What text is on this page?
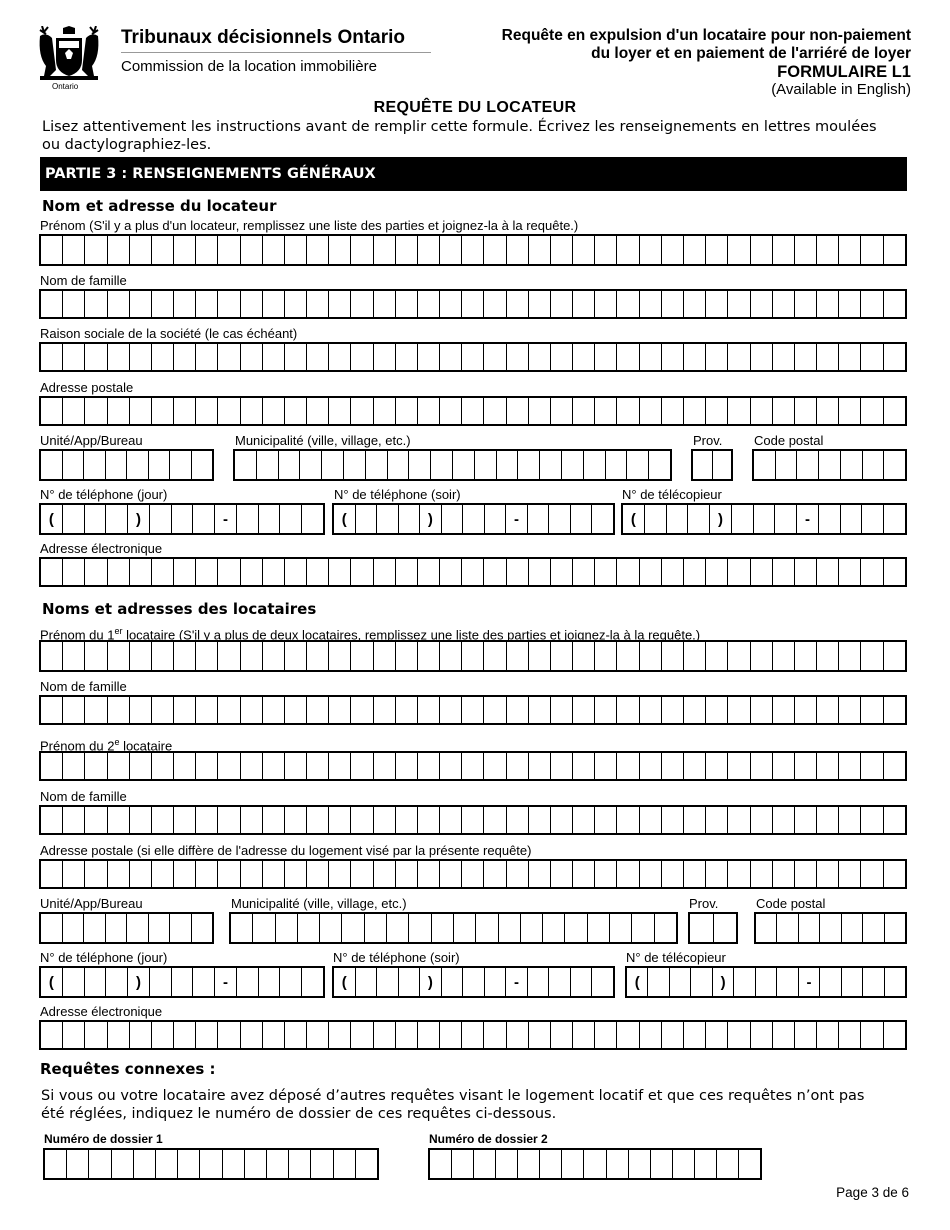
Ontario
Tribunaux décisionnels Ontario
Commission de la location immobilière
Requête en expulsion d'un locataire pour non-paiement
du loyer et en paiement de l'arriéré de loyer
FORMULAIRE L1
(Available in English)
REQUÊTE DU LOCATEUR
Lisez attentivement les instructions avant de remplir cette formule. Écrivez les renseignements en lettres moulées ou dactylographiez-les.
PARTIE 3 : RENSEIGNEMENTS GÉNÉRAUX
Nom et adresse du locateur
Prénom (S'il y a plus d'un locateur, remplissez une liste des parties et joignez-la à la requête.)
Nom de famille
Raison sociale de la société (le cas échéant)
Adresse postale
Unité/App/Bureau	Municipalité (ville, village, etc.)	Prov. Code postal
N° de téléphone (jour)	N° de téléphone (soir)	N° de télécopieur
(	)	-	(	)	-	(	)	-
Adresse électronique
Noms et adresses des locataires
Prénom du 1er locataire (S'il y a plus de deux locataires, remplissez une liste des parties et joignez-la à la requête.)
Nom de famille
Prénom du 2e locataire
Nom de famille
Adresse postale (si elle diffère de l'adresse du logement visé par la présente requête)
Unité/App/Bureau	Municipalité (ville, village, etc.)	Prov.	Code postal
N° de téléphone (jour)	N° de téléphone (soir)	N° de télécopieur
(	)	-	(	)	-	(	)	-
Adresse électronique
Requêtes connexes :
Si vous ou votre locataire avez déposé d’autres requêtes visant le logement locatif et que ces requêtes n’ont pas été réglées, indiquez le numéro de dossier de ces requêtes ci-dessous.
Numéro de dossier 1	Numéro de dossier 2
Page 3 de 6
